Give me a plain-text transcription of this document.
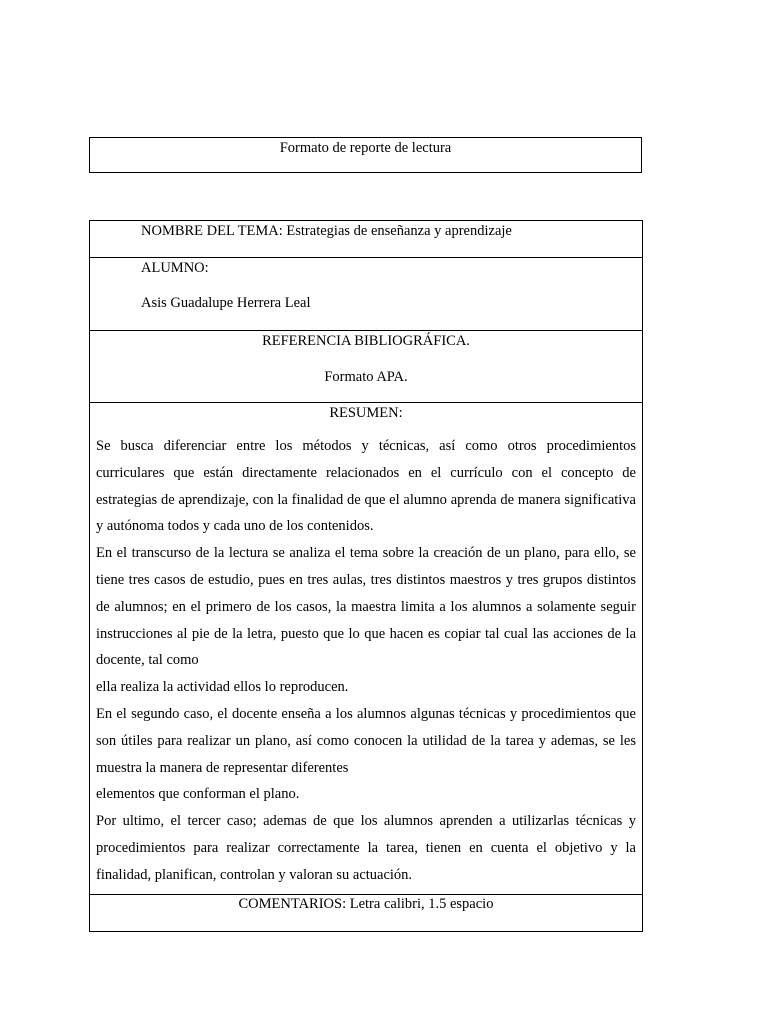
Formato de reporte de lectura
NOMBRE DEL TEMA: Estrategias de enseñanza y aprendizaje
ALUMNO:
Asis Guadalupe Herrera Leal
REFERENCIA BIBLIOGRÁFICA.
Formato APA.
RESUMEN:
Se busca diferenciar entre los métodos y técnicas, así como otros procedimientos curriculares que están directamente relacionados en el currículo con el concepto de estrategias de aprendizaje, con la finalidad de que el alumno aprenda de manera significativa y autónoma todos y cada uno de los contenidos.
En el transcurso de la lectura se analiza el tema sobre la creación de un plano, para ello, se tiene tres casos de estudio, pues en tres aulas, tres distintos maestros y tres grupos distintos de alumnos; en el primero de los casos, la maestra limita a los alumnos a solamente seguir instrucciones al pie de la letra, puesto que lo que hacen es copiar tal cual las acciones de la docente, tal como
ella realiza la actividad ellos lo reproducen.
En el segundo caso, el docente enseña a los alumnos algunas técnicas y procedimientos que son útiles para realizar un plano, así como conocen la utilidad de la tarea y ademas, se les muestra la manera de representar diferentes
elementos que conforman el plano.
Por ultimo, el tercer caso; ademas de que los alumnos aprenden a utilizarlas técnicas y procedimientos para realizar correctamente la tarea, tienen en cuenta el objetivo y la finalidad, planifican, controlan y valoran su actuación.
COMENTARIOS: Letra calibri, 1.5 espacio
